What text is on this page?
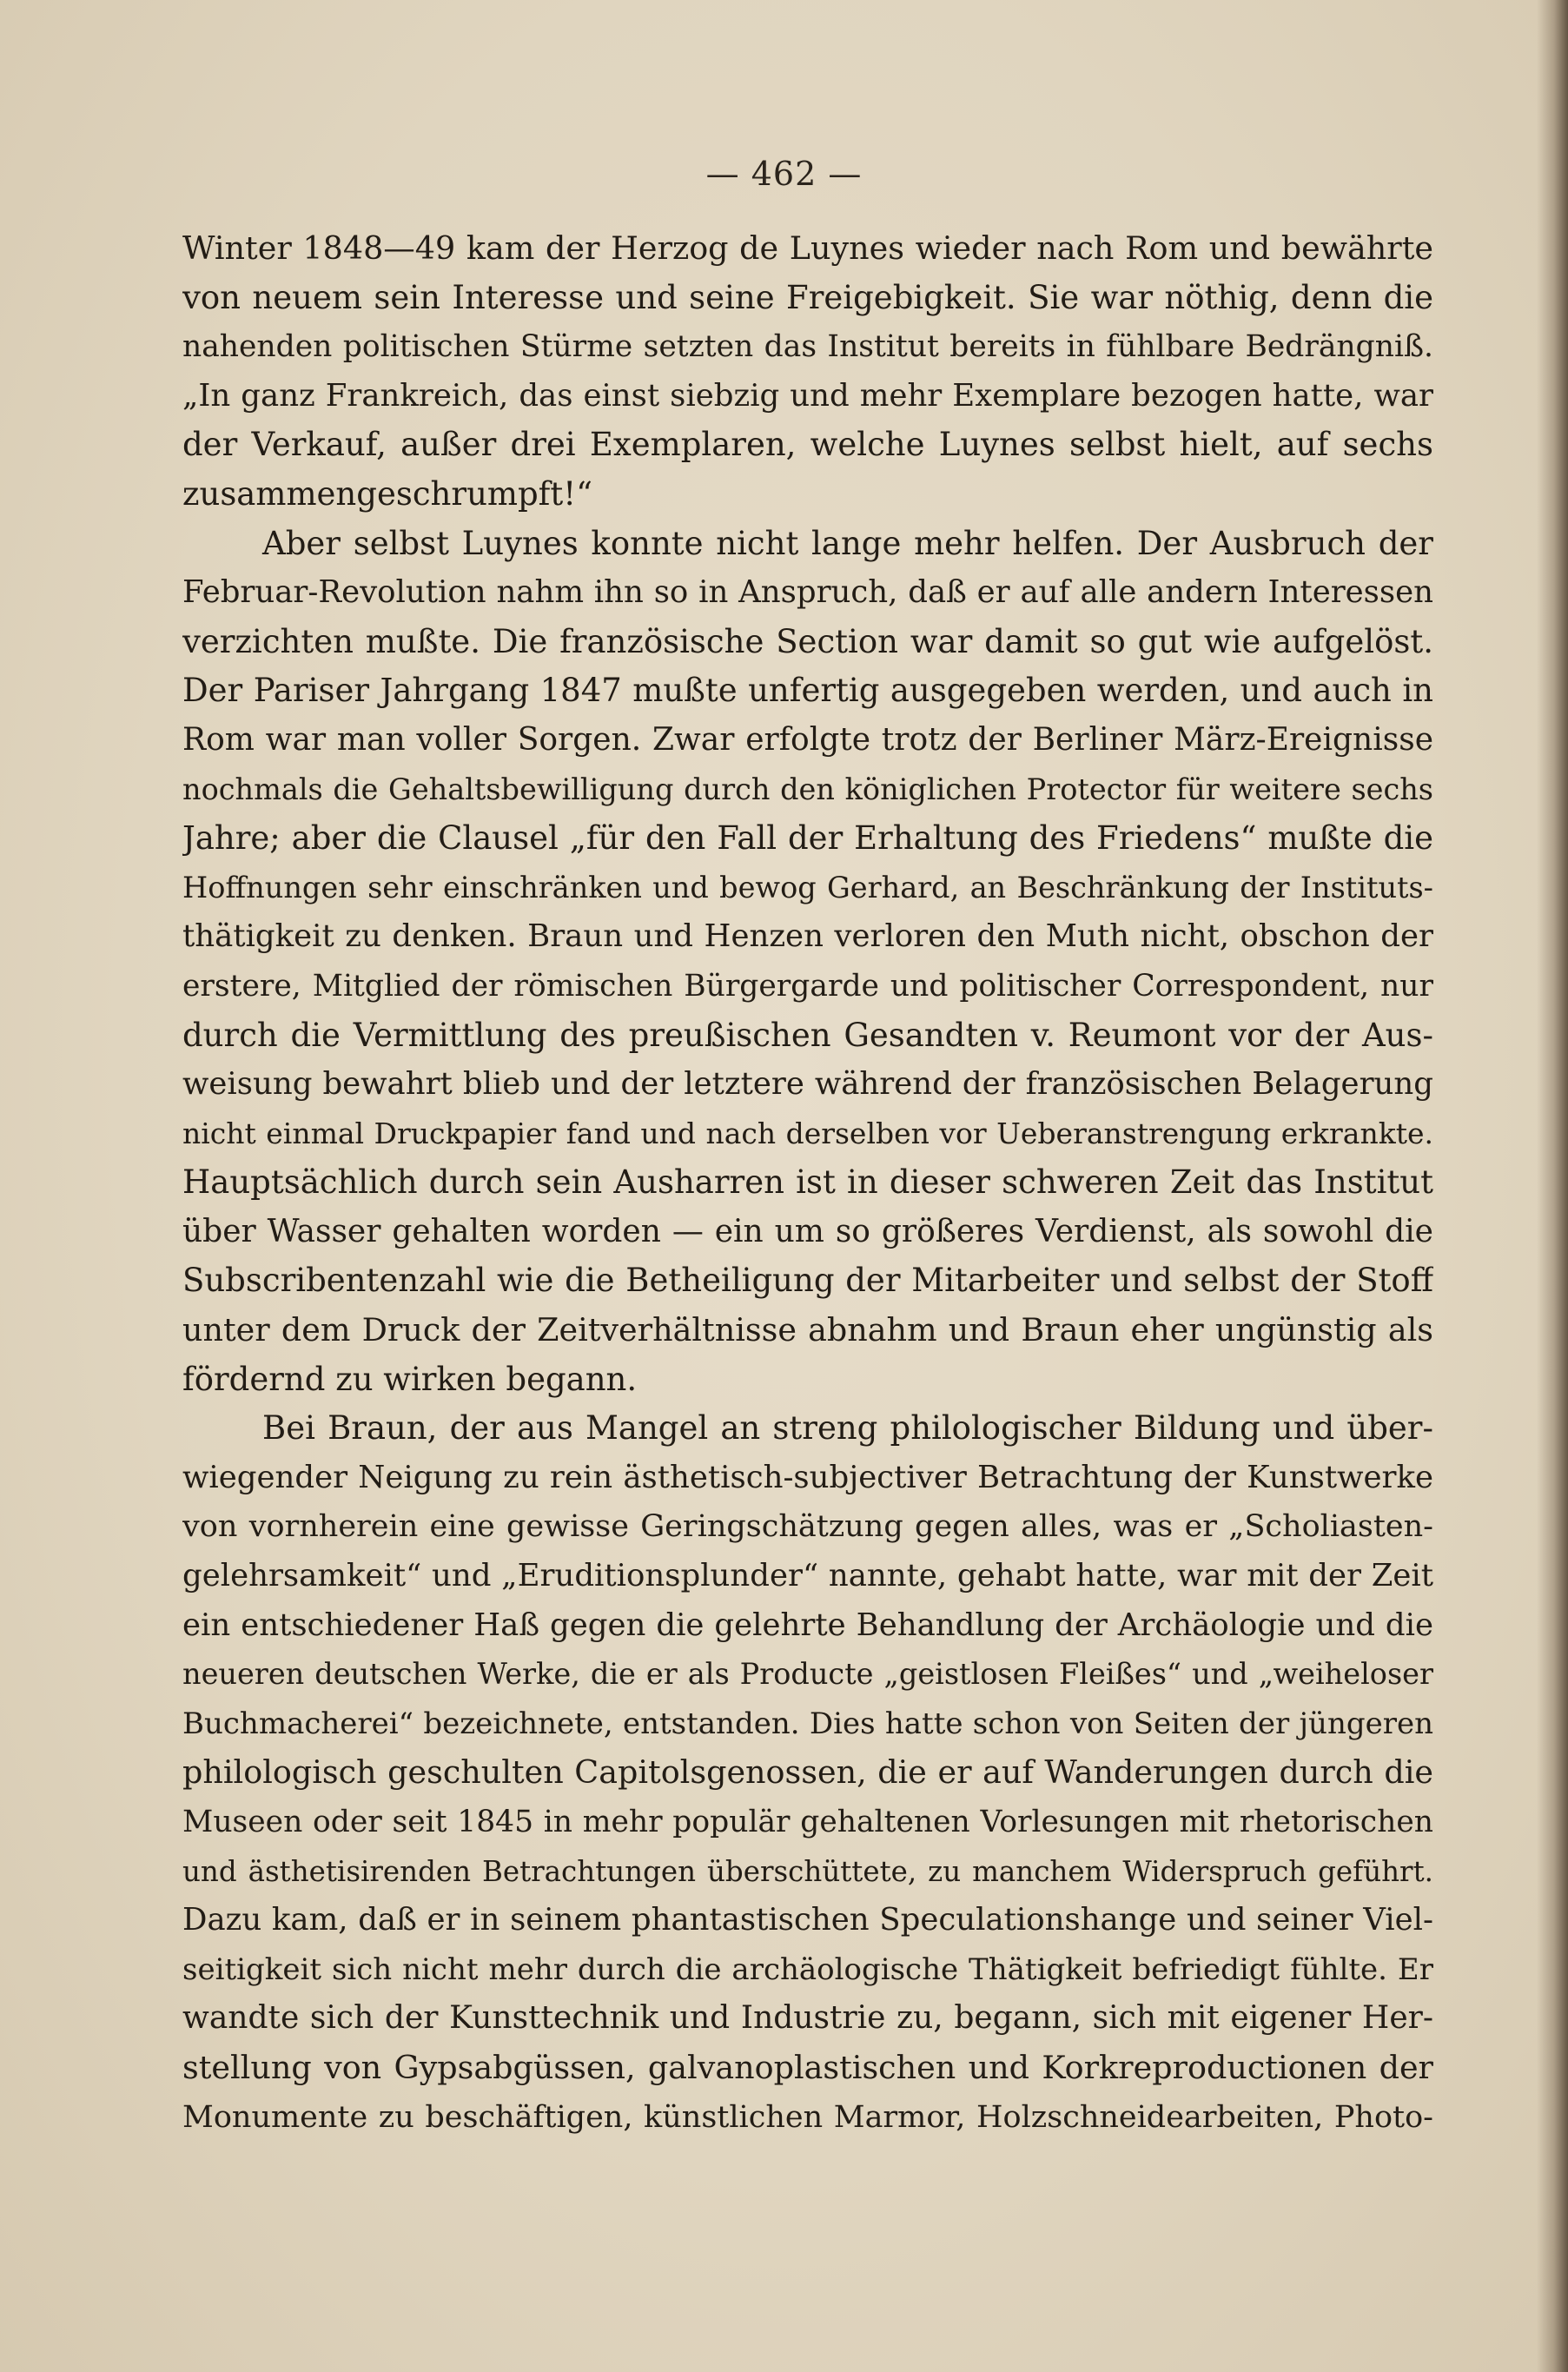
— 462 —
Winter 1848—49 kam der Herzog de Luynes wieder nach Rom und bewährte
von neuem sein Interesse und seine Freigebigkeit. Sie war nöthig, denn die
nahenden politischen Stürme setzten das Institut bereits in fühlbare Bedrängniß.
„In ganz Frankreich, das einst siebzig und mehr Exemplare bezogen hatte, war
der Verkauf, außer drei Exemplaren, welche Luynes selbst hielt, auf sechs
zusammengeschrumpft!“
Aber selbst Luynes konnte nicht lange mehr helfen. Der Ausbruch der
Februar-Revolution nahm ihn so in Anspruch, daß er auf alle andern Interessen
verzichten mußte. Die französische Section war damit so gut wie aufgelöst.
Der Pariser Jahrgang 1847 mußte unfertig ausgegeben werden, und auch in
Rom war man voller Sorgen. Zwar erfolgte trotz der Berliner März-Ereignisse
nochmals die Gehaltsbewilligung durch den königlichen Protector für weitere sechs
Jahre; aber die Clausel „für den Fall der Erhaltung des Friedens“ mußte die
Hoffnungen sehr einschränken und bewog Gerhard, an Beschränkung der Instituts-
thätigkeit zu denken. Braun und Henzen verloren den Muth nicht, obschon der
erstere, Mitglied der römischen Bürgergarde und politischer Correspondent, nur
durch die Vermittlung des preußischen Gesandten v. Reumont vor der Aus-
weisung bewahrt blieb und der letztere während der französischen Belagerung
nicht einmal Druckpapier fand und nach derselben vor Ueberanstrengung erkrankte.
Hauptsächlich durch sein Ausharren ist in dieser schweren Zeit das Institut
über Wasser gehalten worden — ein um so größeres Verdienst, als sowohl die
Subscribentenzahl wie die Betheiligung der Mitarbeiter und selbst der Stoff
unter dem Druck der Zeitverhältnisse abnahm und Braun eher ungünstig als
fördernd zu wirken begann.
Bei Braun, der aus Mangel an streng philologischer Bildung und über-
wiegender Neigung zu rein ästhetisch-subjectiver Betrachtung der Kunstwerke
von vornherein eine gewisse Geringschätzung gegen alles, was er „Scholiasten-
gelehrsamkeit“ und „Eruditionsplunder“ nannte, gehabt hatte, war mit der Zeit
ein entschiedener Haß gegen die gelehrte Behandlung der Archäologie und die
neueren deutschen Werke, die er als Producte „geistlosen Fleißes“ und „weiheloser
Buchmacherei“ bezeichnete, entstanden. Dies hatte schon von Seiten der jüngeren
philologisch geschulten Capitolsgenossen, die er auf Wanderungen durch die
Museen oder seit 1845 in mehr populär gehaltenen Vorlesungen mit rhetorischen
und ästhetisirenden Betrachtungen überschüttete, zu manchem Widerspruch geführt.
Dazu kam, daß er in seinem phantastischen Speculationshange und seiner Viel-
seitigkeit sich nicht mehr durch die archäologische Thätigkeit befriedigt fühlte. Er
wandte sich der Kunsttechnik und Industrie zu, begann, sich mit eigener Her-
stellung von Gypsabgüssen, galvanoplastischen und Korkreproductionen der
Monumente zu beschäftigen, künstlichen Marmor, Holzschneidearbeiten, Photo-
